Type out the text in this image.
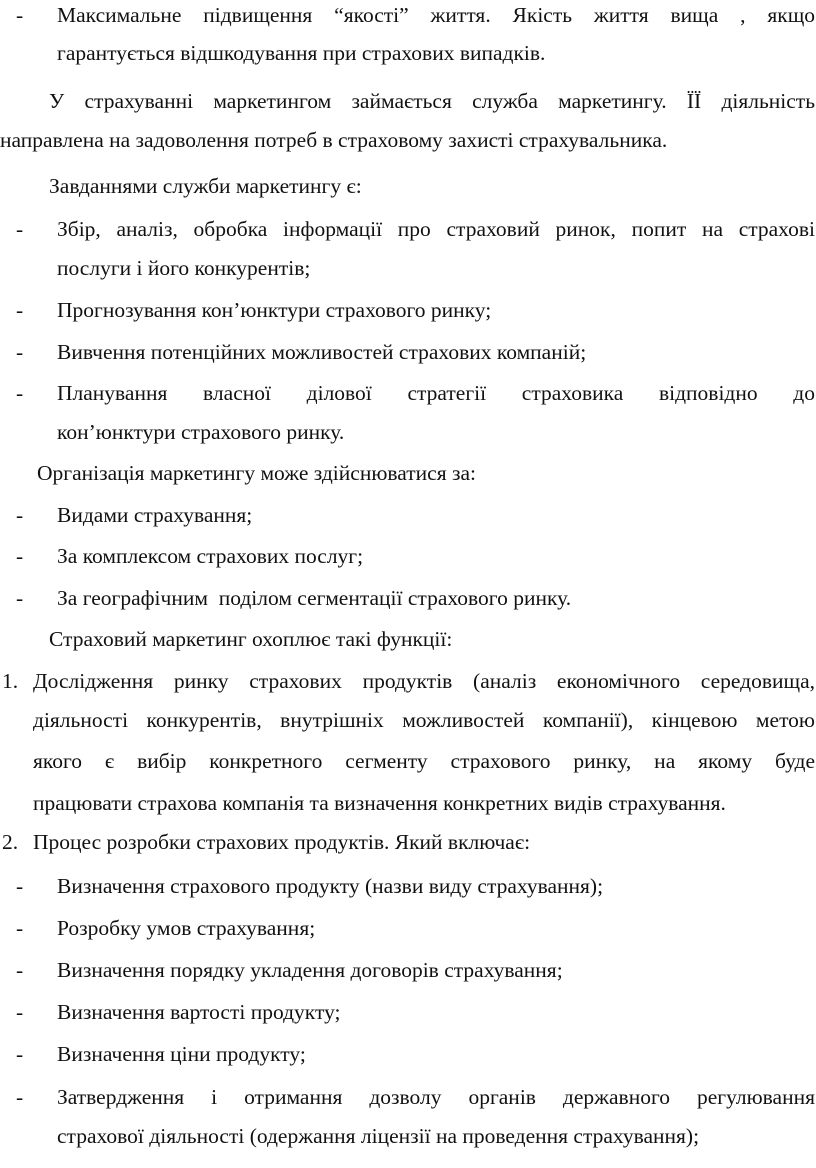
- Максимальне підвищення “якості” життя. Якість життя вища , якщо
гарантується відшкодування при страхових випадків.
У страхуванні маркетингом займається служба маркетингу. ЇЇ діяльність
направлена на задоволення потреб в страховому захисті страхувальника.
Завданнями служби маркетингу є:
- Збір, аналіз, обробка інформації про страховий ринок, попит на страхові
послуги і його конкурентів;
- Прогнозування кон’юнктури страхового ринку;
- Вивчення потенційних можливостей страхових компаній;
- Планування власної ділової стратегії страховика відповідно до
кон’юнктури страхового ринку.
Організація маркетингу може здійснюватися за:
- Видами страхування;
- За комплексом страхових послуг;
- За географічним  поділом сегментації страхового ринку.
Страховий маркетинг охоплює такі функції:
1. Дослідження ринку страхових продуктів (аналіз економічного середовища,
діяльності конкурентів, внутрішніх можливостей компанії), кінцевою метою
якого є вибір конкретного сегменту страхового ринку, на якому буде
працювати страхова компанія та визначення конкретних видів страхування.
2. Процес розробки страхових продуктів. Який включає:
- Визначення страхового продукту (назви виду страхування);
- Розробку умов страхування;
- Визначення порядку укладення договорів страхування;
- Визначення вартості продукту;
- Визначення ціни продукту;
- Затвердження і отримання дозволу органів державного регулювання
страхової діяльності (одержання ліцензії на проведення страхування);
